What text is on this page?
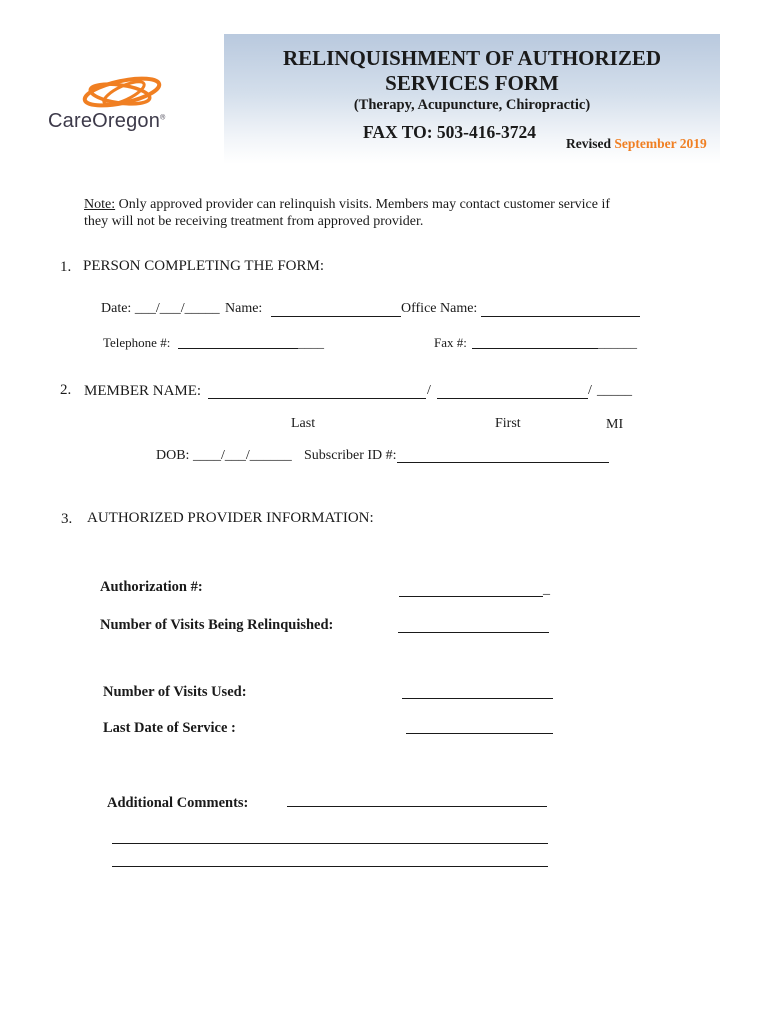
CareOregon®
RELINQUISHMENT OF AUTHORIZED
SERVICES FORM
(Therapy, Acupuncture, Chiropractic)
FAX TO: 503-416-3724
Revised September 2019
Note: Only approved provider can relinquish visits. Members may contact customer service if
they will not be receiving treatment from approved provider.
1. PERSON COMPLETING THE FORM:
Date: ___/___/_____ Name:	Office Name:
Telephone #:	____	Fax #:	______
2. MEMBER NAME:	/	/ _____
Last	First	MI
DOB: ____/___/______ Subscriber ID #:
3. AUTHORIZED PROVIDER INFORMATION:
Authorization #:	_
Number of Visits Being Relinquished:
Number of Visits Used:
Last Date of Service :
Additional Comments:
